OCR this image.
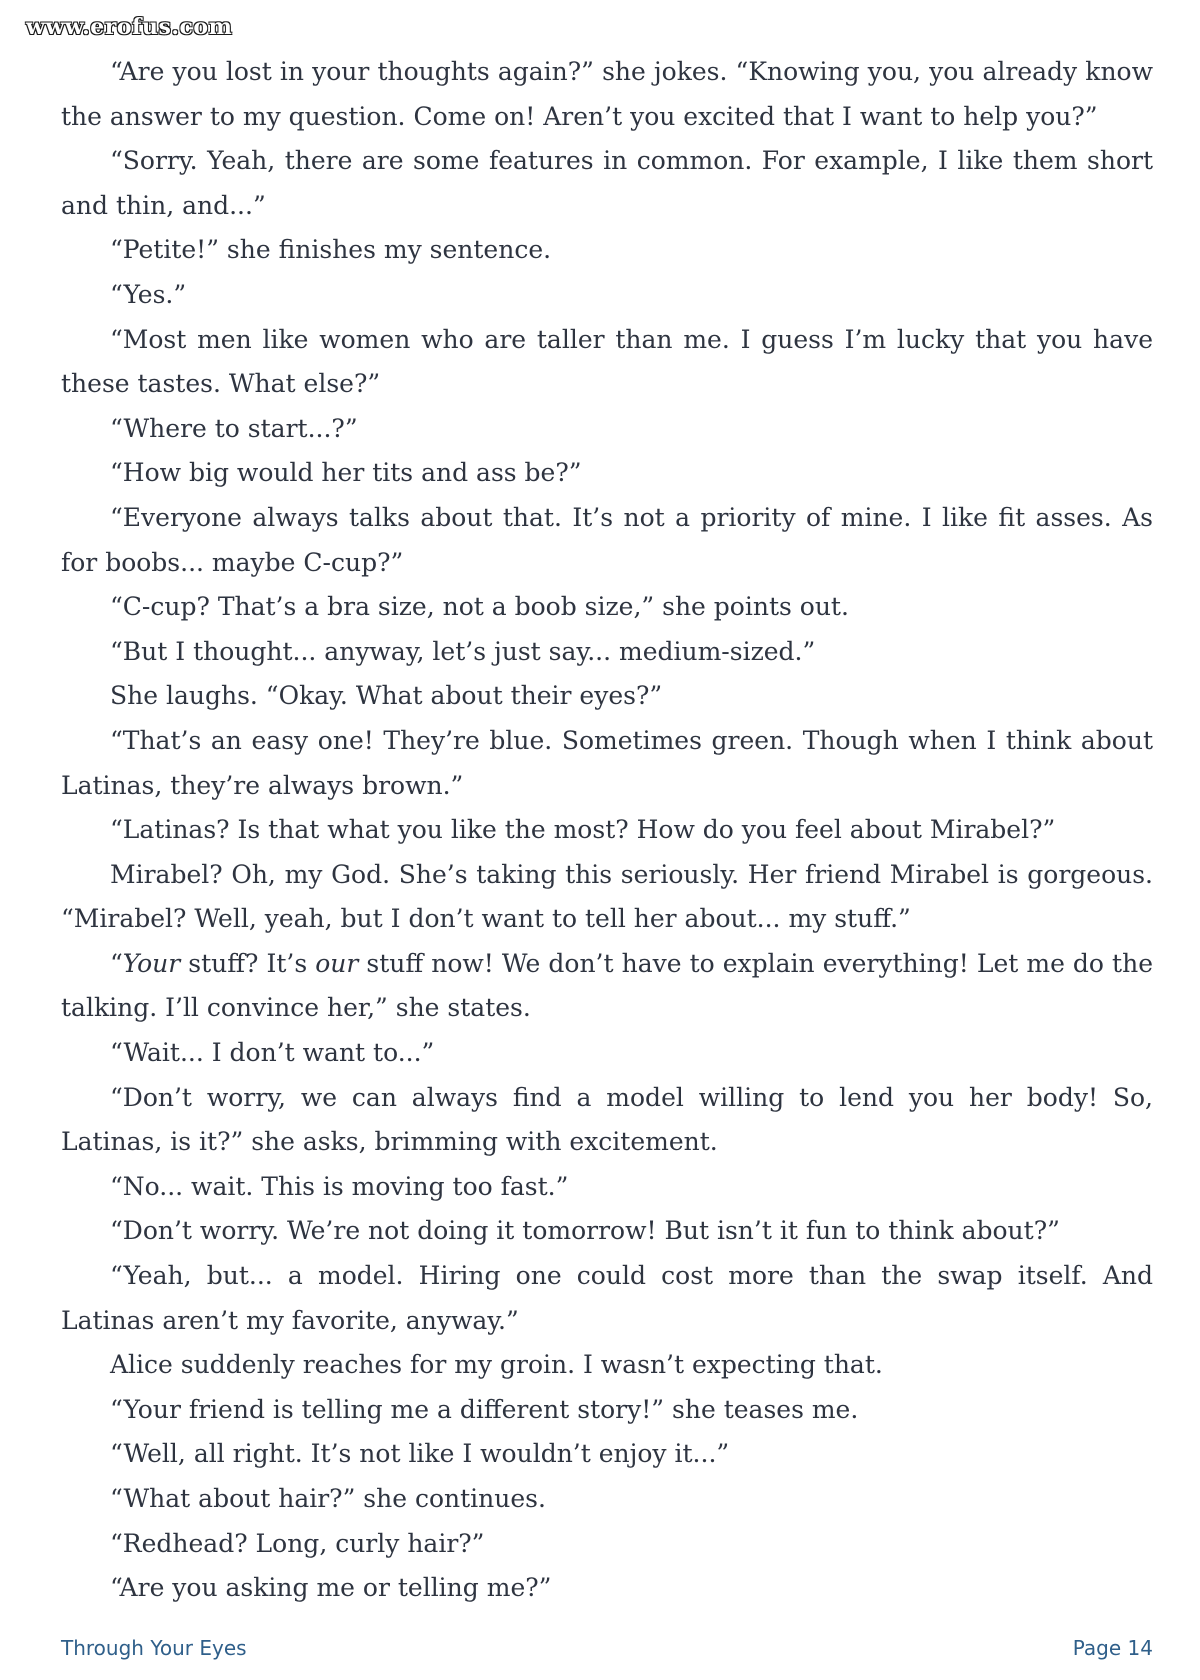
www.erofus.com

“Are you lost in your thoughts again?” she jokes. “Knowing you, you already know the answer to my question. Come on! Aren’t you excited that I want to help you?”

“Sorry. Yeah, there are some features in common. For example, I like them short and thin, and...”

“Petite!” she finishes my sentence.

“Yes.”

“Most men like women who are taller than me. I guess I’m lucky that you have these tastes. What else?”

“Where to start...?”

“How big would her tits and ass be?”

“Everyone always talks about that. It’s not a priority of mine. I like fit asses. As for boobs... maybe C-cup?”

“C-cup? That’s a bra size, not a boob size,” she points out.

“But I thought... anyway, let’s just say... medium-sized.”

She laughs. “Okay. What about their eyes?”

“That’s an easy one! They’re blue. Sometimes green. Though when I think about Latinas, they’re always brown.”

“Latinas? Is that what you like the most? How do you feel about Mirabel?”

Mirabel? Oh, my God. She’s taking this seriously. Her friend Mirabel is gorgeous. “Mirabel? Well, yeah, but I don’t want to tell her about... my stuff.”

“Your stuff? It’s our stuff now! We don’t have to explain everything! Let me do the talking. I’ll convince her,” she states.

“Wait... I don’t want to...”

“Don’t worry, we can always find a model willing to lend you her body! So, Latinas, is it?” she asks, brimming with excitement.

“No... wait. This is moving too fast.”

“Don’t worry. We’re not doing it tomorrow! But isn’t it fun to think about?”

“Yeah, but... a model. Hiring one could cost more than the swap itself. And Latinas aren’t my favorite, anyway.”

Alice suddenly reaches for my groin. I wasn’t expecting that.

“Your friend is telling me a different story!” she teases me.

“Well, all right. It’s not like I wouldn’t enjoy it...”

“What about hair?” she continues.

“Redhead? Long, curly hair?”

“Are you asking me or telling me?”

Through Your Eyes	Page 14
